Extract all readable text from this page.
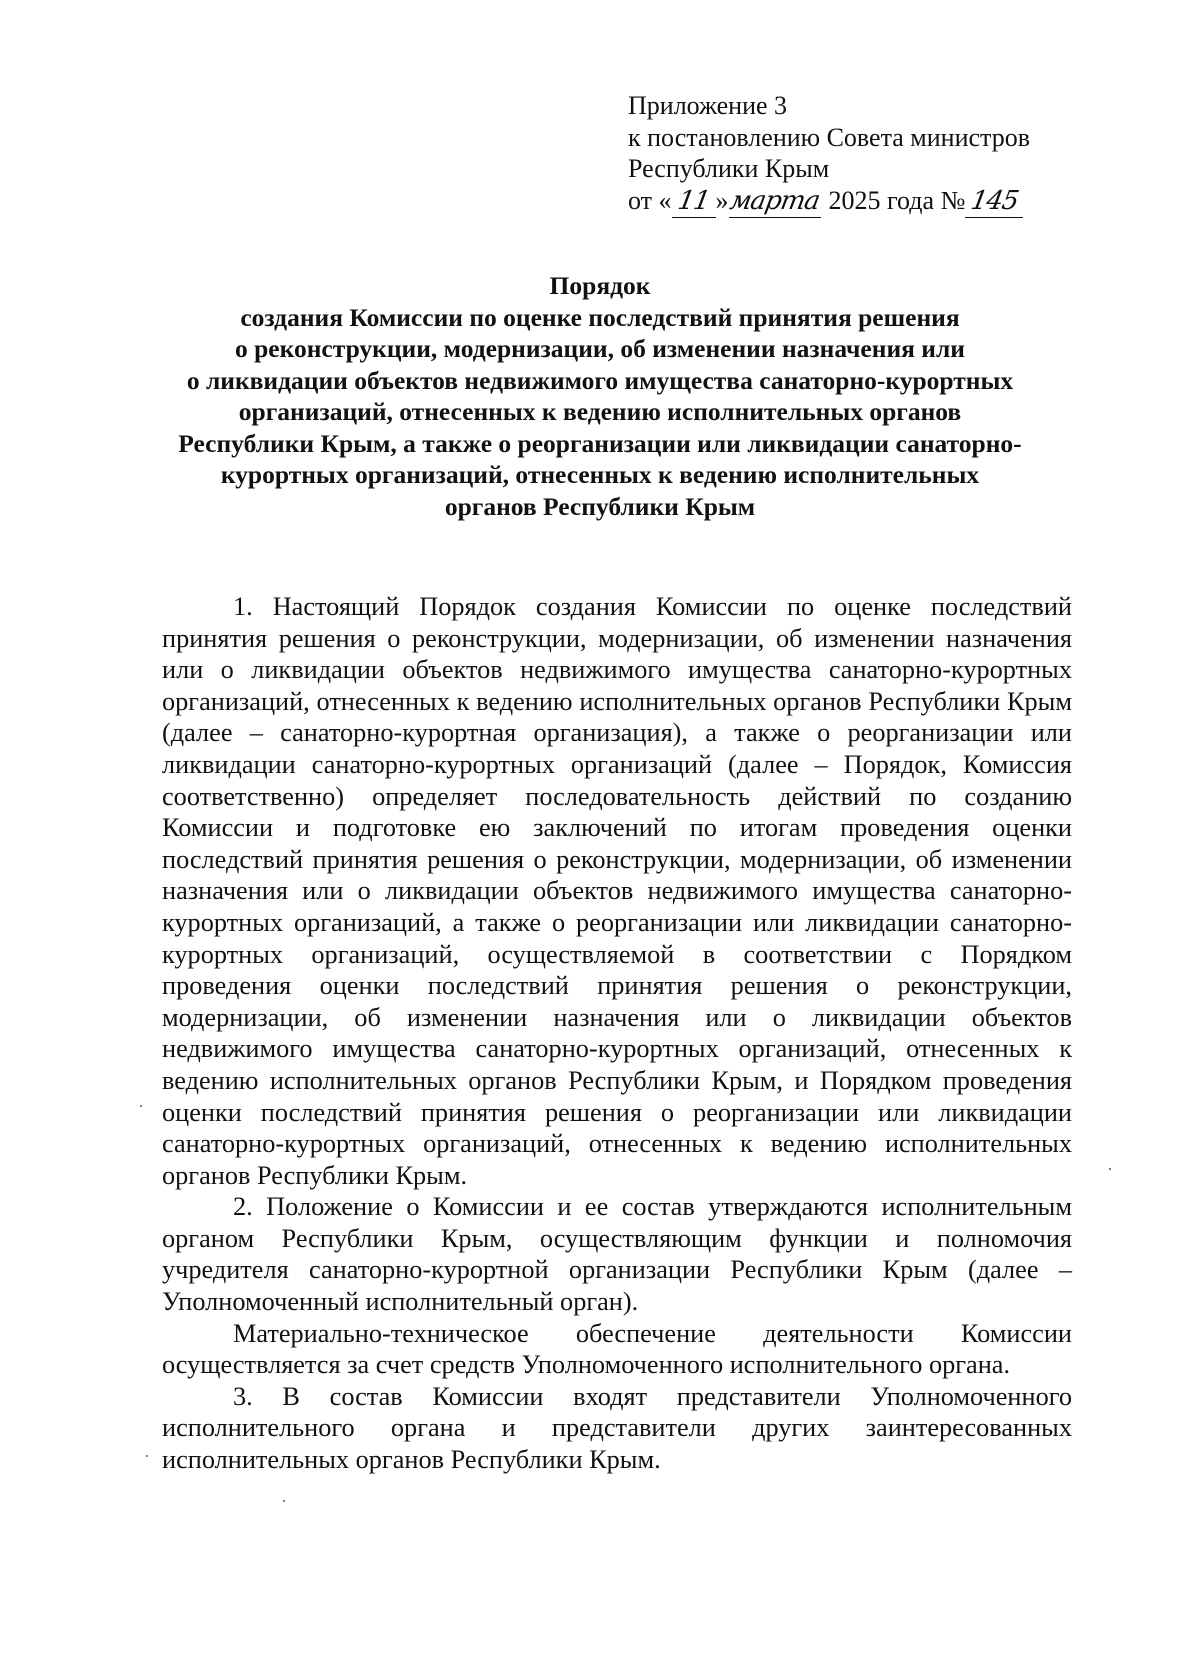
Приложение 3
к постановлению Совета министров
Республики Крым
от « 11 »марта 2025 года № 145
Порядок
создания Комиссии по оценке последствий принятия решения
о реконструкции, модернизации, об изменении назначения или
о ликвидации объектов недвижимого имущества санаторно-курортных
организаций, отнесенных к ведению исполнительных органов
Республики Крым, а также о реорганизации или ликвидации санаторно-
курортных организаций, отнесенных к ведению исполнительных
органов Республики Крым

1. Настоящий Порядок создания Комиссии по оценке последствий принятия решения о реконструкции, модернизации, об изменении назначения или о ликвидации объектов недвижимого имущества санаторно-курортных организаций, отнесенных к ведению исполнительных органов Республики Крым (далее – санаторно-курортная организация), а также о реорганизации или ликвидации санаторно-курортных организаций (далее – Порядок, Комиссия соответственно) определяет последовательность действий по созданию Комиссии и подготовке ею заключений по итогам проведения оценки последствий принятия решения о реконструкции, модернизации, об изменении назначения или о ликвидации объектов недвижимого имущества санаторно-курортных организаций, а также о реорганизации или ликвидации санаторно-курортных организаций, осуществляемой в соответствии с Порядком проведения оценки последствий принятия решения о реконструкции, модернизации, об изменении назначения или о ликвидации объектов недвижимого имущества санаторно-курортных организаций, отнесенных к ведению исполнительных органов Республики Крым, и Порядком проведения оценки последствий принятия решения о реорганизации или ликвидации санаторно-курортных организаций, отнесенных к ведению исполнительных органов Республики Крым.

2. Положение о Комиссии и ее состав утверждаются исполнительным органом Республики Крым, осуществляющим функции и полномочия учредителя санаторно-курортной организации Республики Крым (далее – Уполномоченный исполнительный орган).

Материально-техническое обеспечение деятельности Комиссии осуществляется за счет средств Уполномоченного исполнительного органа.

3. В состав Комиссии входят представители Уполномоченного исполнительного органа и представители других заинтересованных исполнительных органов Республики Крым.
